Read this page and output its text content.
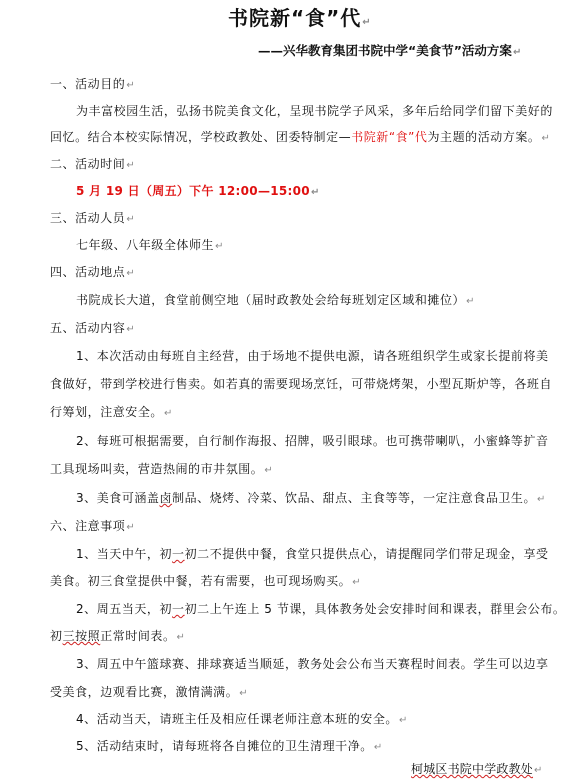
书院新“食”代↵
——兴华教育集团书院中学“美食节”活动方案↵
一、活动目的↵
为丰富校园生活，弘扬书院美食文化，呈现书院学子风采，多年后给同学们留下美好的
回忆。结合本校实际情况，学校政教处、团委特制定—书院新“食”代为主题的活动方案。↵
二、活动时间↵
5 月 19 日（周五）下午 12:00—15:00↵
三、活动人员↵
七年级、八年级全体师生↵
四、活动地点↵
书院成长大道，食堂前侧空地（届时政教处会给每班划定区域和摊位）↵
五、活动内容↵
1、本次活动由每班自主经营，由于场地不提供电源，请各班组织学生或家长提前将美
食做好，带到学校进行售卖。如若真的需要现场烹饪，可带烧烤架，小型瓦斯炉等，各班自
行筹划，注意安全。↵
2、每班可根据需要，自行制作海报、招牌，吸引眼球。也可携带喇叭，小蜜蜂等扩音
工具现场叫卖，营造热闹的市井氛围。↵
3、美食可涵盖卤制品、烧烤、冷菜、饮品、甜点、主食等等，一定注意食品卫生。↵
六、注意事项↵
1、当天中午，初一初二不提供中餐，食堂只提供点心，请提醒同学们带足现金，享受
美食。初三食堂提供中餐，若有需要，也可现场购买。↵
2、周五当天，初一初二上午连上 5 节课，具体教务处会安排时间和课表，群里会公布。
初三按照正常时间表。↵
3、周五中午篮球赛、排球赛适当顺延，教务处会公布当天赛程时间表。学生可以边享
受美食，边观看比赛，激情满满。↵
4、活动当天，请班主任及相应任课老师注意本班的安全。↵
5、活动结束时，请每班将各自摊位的卫生清理干净。↵
柯城区书院中学政教处↵
